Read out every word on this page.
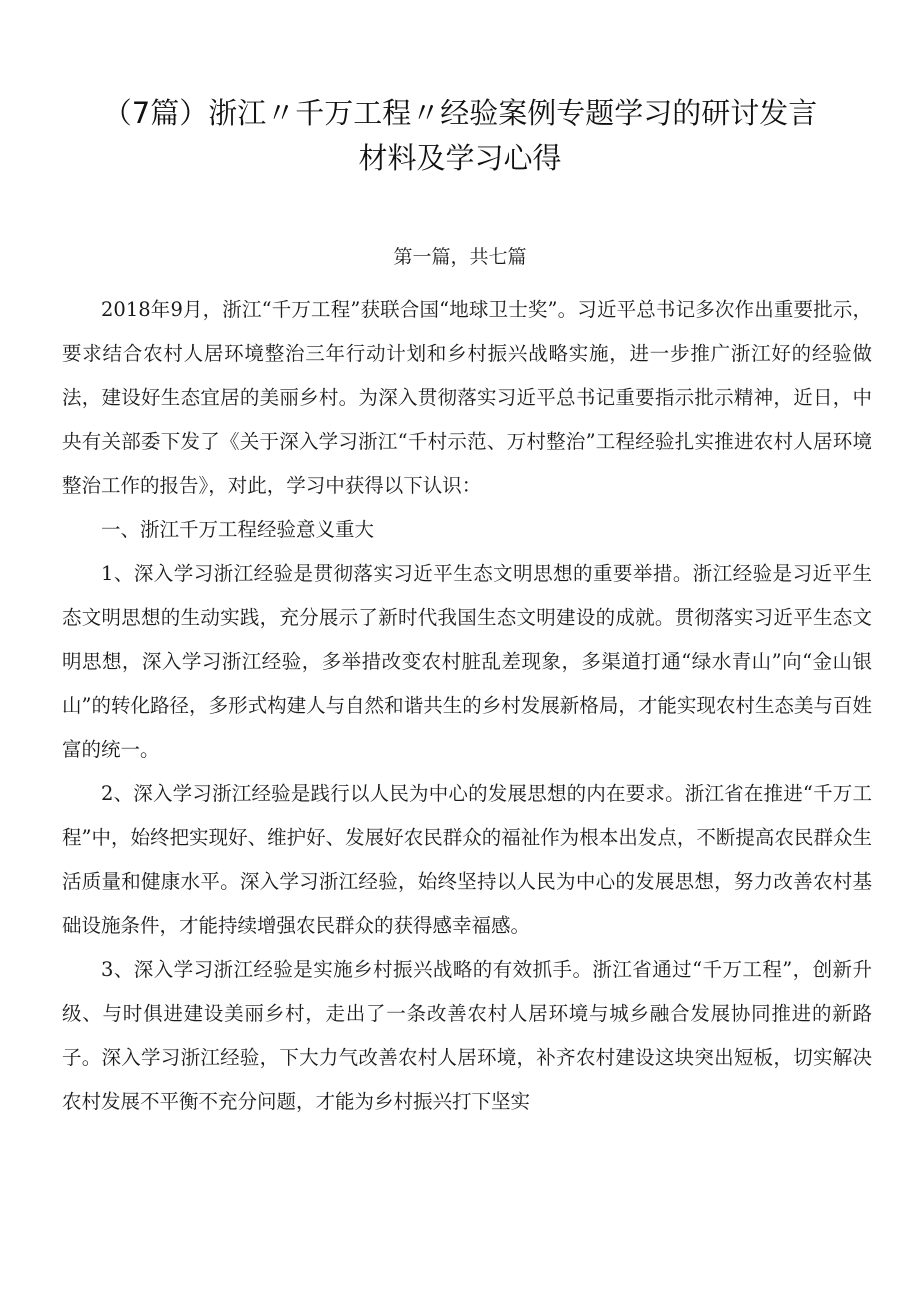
（7篇）浙江〃千万工程〃经验案例专题学习的研讨发言
材料及学习心得
第一篇，共七篇

2018年9月，浙江“千万工程”获联合国“地球卫士奖”。习近平总书记多次作出重要批示，要求结合农村人居环境整治三年行动计划和乡村振兴战略实施，进一步推广浙江好的经验做法，建设好生态宜居的美丽乡村。为深入贯彻落实习近平总书记重要指示批示精神，近日，中央有关部委下发了《关于深入学习浙江“千村示范、万村整治”工程经验扎实推进农村人居环境整治工作的报告》，对此，学习中获得以下认识：

一、浙江千万工程经验意义重大

1、深入学习浙江经验是贯彻落实习近平生态文明思想的重要举措。浙江经验是习近平生态文明思想的生动实践，充分展示了新时代我国生态文明建设的成就。贯彻落实习近平生态文明思想，深入学习浙江经验，多举措改变农村脏乱差现象，多渠道打通“绿水青山”向“金山银山”的转化路径，多形式构建人与自然和谐共生的乡村发展新格局，才能实现农村生态美与百姓富的统一。

2、深入学习浙江经验是践行以人民为中心的发展思想的内在要求。浙江省在推进“千万工程”中，始终把实现好、维护好、发展好农民群众的福祉作为根本出发点，不断提高农民群众生活质量和健康水平。深入学习浙江经验，始终坚持以人民为中心的发展思想，努力改善农村基础设施条件，才能持续增强农民群众的获得感幸福感。

3、深入学习浙江经验是实施乡村振兴战略的有效抓手。浙江省通过“千万工程”，创新升级、与时俱进建设美丽乡村，走出了一条改善农村人居环境与城乡融合发展协同推进的新路子。深入学习浙江经验，下大力气改善农村人居环境，补齐农村建设这块突出短板，切实解决农村发展不平衡不充分问题，才能为乡村振兴打下坚实
